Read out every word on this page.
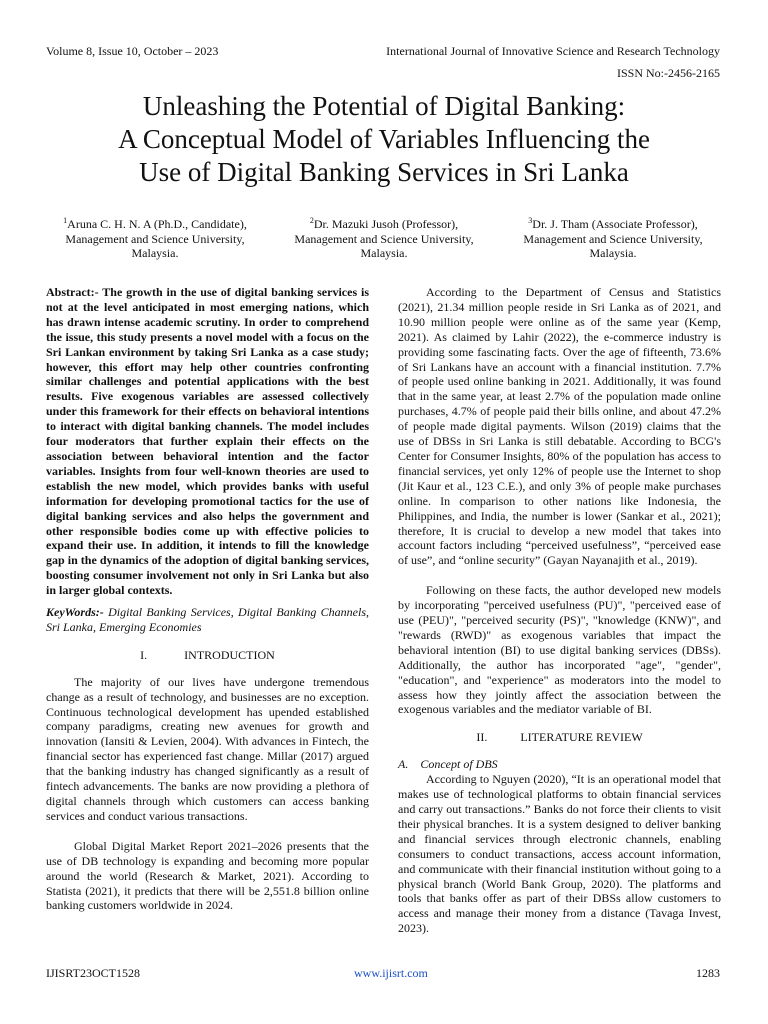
Volume 8, Issue 10, October – 2023	International Journal of Innovative Science and Research Technology
ISSN No:-2456-2165
Unleashing the Potential of Digital Banking:
A Conceptual Model of Variables Influencing the
Use of Digital Banking Services in Sri Lanka
$^1$Aruna C. H. N. A (Ph.D., Candidate),
Management and Science University,
Malaysia.
$^2$Dr. Mazuki Jusoh (Professor),
Management and Science University,
Malaysia.
$^3$Dr. J. Tham (Associate Professor),
Management and Science University,
Malaysia.

Abstract:- The growth in the use of digital banking services is not at the level anticipated in most emerging nations, which has drawn intense academic scrutiny. In order to comprehend the issue, this study presents a novel model with a focus on the Sri Lankan environment by taking Sri Lanka as a case study; however, this effort may help other countries confronting similar challenges and potential applications with the best results. Five exogenous variables are assessed collectively under this framework for their effects on behavioral intentions to interact with digital banking channels. The model includes four moderators that further explain their effects on the association between behavioral intention and the factor variables. Insights from four well-known theories are used to establish the new model, which provides banks with useful information for developing promotional tactics for the use of digital banking services and also helps the government and other responsible bodies come up with effective policies to expand their use. In addition, it intends to fill the knowledge gap in the dynamics of the adoption of digital banking services, boosting consumer involvement not only in Sri Lanka but also in larger global contexts.

KeyWords:- Digital Banking Services, Digital Banking Channels, Sri Lanka, Emerging Economies

I.	INTRODUCTION

The majority of our lives have undergone tremendous change as a result of technology, and businesses are no exception. Continuous technological development has upended established company paradigms, creating new avenues for growth and innovation (Iansiti & Levien, 2004). With advances in Fintech, the financial sector has experienced fast change. Millar (2017) argued that the banking industry has changed significantly as a result of fintech advancements. The banks are now providing a plethora of digital channels through which customers can access banking services and conduct various transactions.

Global Digital Market Report 2021–2026 presents that the use of DB technology is expanding and becoming more popular around the world (Research & Market, 2021). According to Statista (2021), it predicts that there will be 2,551.8 billion online banking customers worldwide in 2024.

According to the Department of Census and Statistics (2021), 21.34 million people reside in Sri Lanka as of 2021, and 10.90 million people were online as of the same year (Kemp, 2021). As claimed by Lahir (2022), the e-commerce industry is providing some fascinating facts. Over the age of fifteenth, 73.6% of Sri Lankans have an account with a financial institution. 7.7% of people used online banking in 2021. Additionally, it was found that in the same year, at least 2.7% of the population made online purchases, 4.7% of people paid their bills online, and about 47.2% of people made digital payments. Wilson (2019) claims that the use of DBSs in Sri Lanka is still debatable. According to BCG's Center for Consumer Insights, 80% of the population has access to financial services, yet only 12% of people use the Internet to shop (Jit Kaur et al., 123 C.E.), and only 3% of people make purchases online. In comparison to other nations like Indonesia, the Philippines, and India, the number is lower (Sankar et al., 2021); therefore, It is crucial to develop a new model that takes into account factors including “perceived usefulness”, “perceived ease of use”, and “online security” (Gayan Nayanajith et al., 2019).

Following on these facts, the author developed new models by incorporating "perceived usefulness (PU)", "perceived ease of use (PEU)", "perceived security (PS)", "knowledge (KNW)", and "rewards (RWD)" as exogenous variables that impact the behavioral intention (BI) to use digital banking services (DBSs). Additionally, the author has incorporated "age", "gender", "education", and "experience" as moderators into the model to assess how they jointly affect the association between the exogenous variables and the mediator variable of BI.

II.	LITERATURE REVIEW

A. Concept of DBS

According to Nguyen (2020), “It is an operational model that makes use of technological platforms to obtain financial services and carry out transactions.” Banks do not force their clients to visit their physical branches. It is a system designed to deliver banking and financial services through electronic channels, enabling consumers to conduct transactions, access account information, and communicate with their financial institution without going to a physical branch (World Bank Group, 2020). The platforms and tools that banks offer as part of their DBSs allow customers to access and manage their money from a distance (Tavaga Invest, 2023).

IJISRT23OCT1528	www.ijisrt.com	1283
